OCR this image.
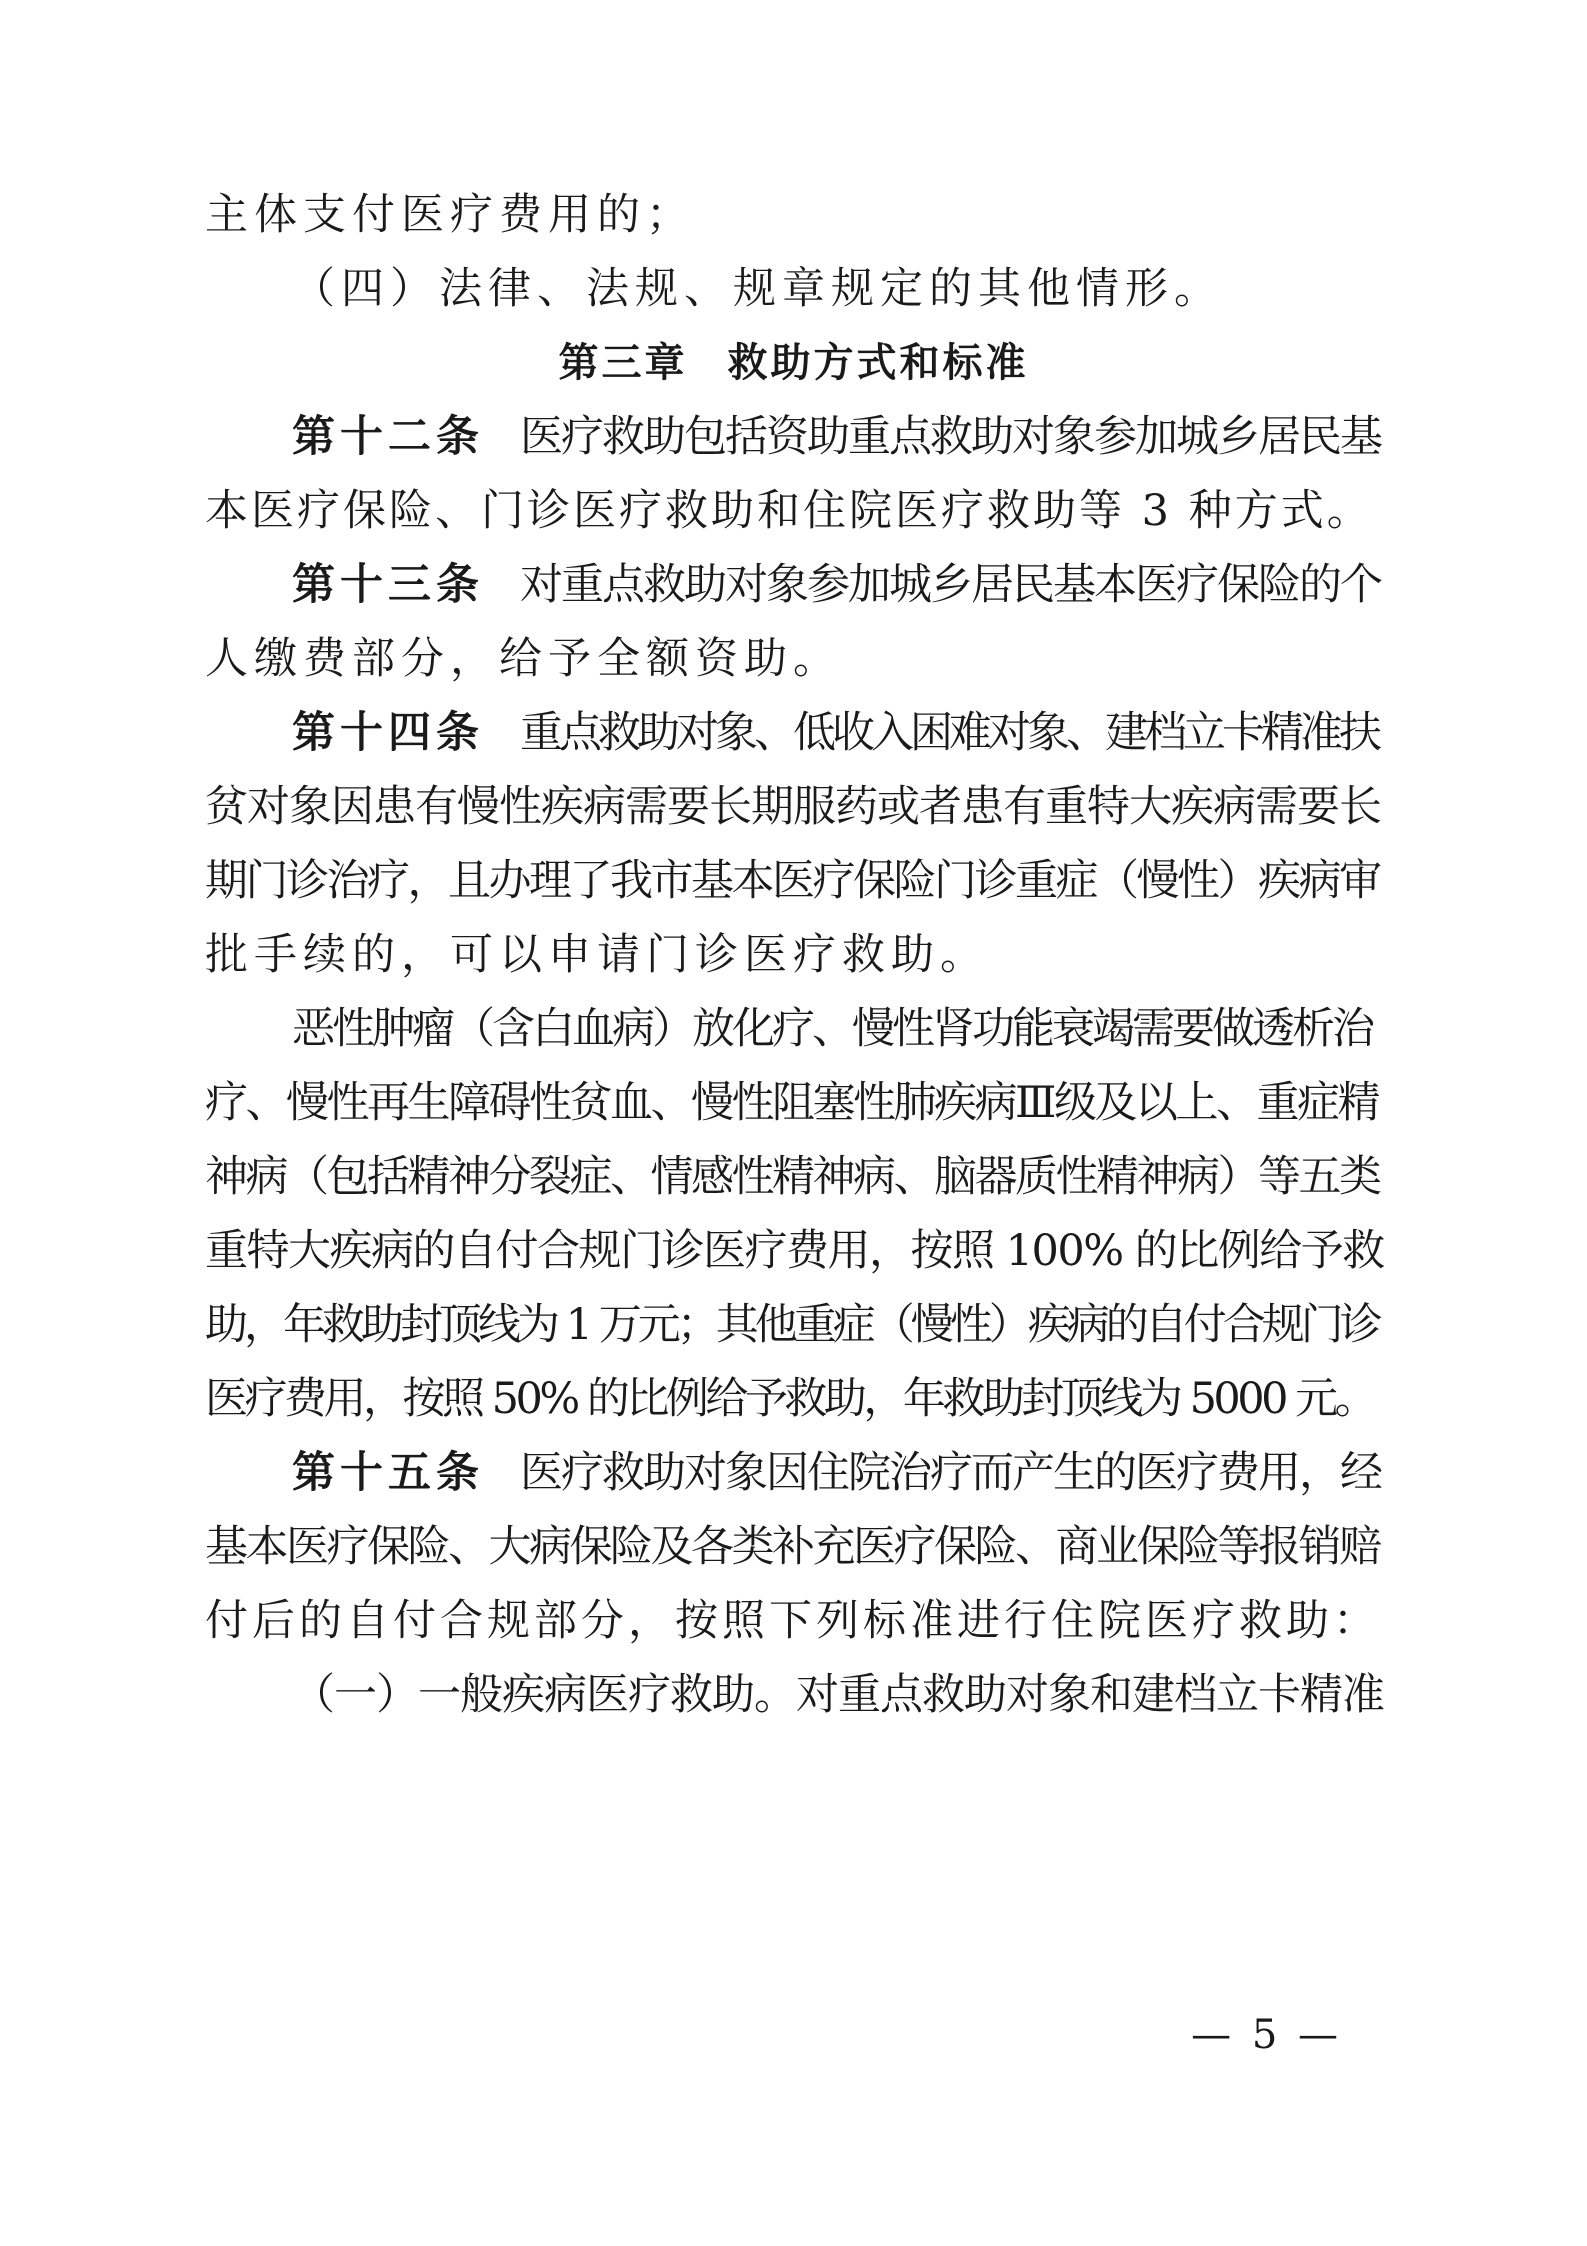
主体支付医疗费用的；
（四）法律、法规、规章规定的其他情形。
第三章 救助方式和标准
第十二条 医疗救助包括资助重点救助对象参加城乡居民基
本医疗保险、门诊医疗救助和住院医疗救助等 3 种方式。
第十三条 对重点救助对象参加城乡居民基本医疗保险的个
人缴费部分，给予全额资助。
第十四条 重点救助对象、低收入困难对象、建档立卡精准扶
贫对象因患有慢性疾病需要长期服药或者患有重特大疾病需要长
期门诊治疗，且办理了我市基本医疗保险门诊重症（慢性）疾病审
批手续的，可以申请门诊医疗救助。
恶性肿瘤（含白血病）放化疗、慢性肾功能衰竭需要做透析治
疗、慢性再生障碍性贫血、慢性阻塞性肺疾病Ⅲ级及以上、重症精
神病（包括精神分裂症、情感性精神病、脑器质性精神病）等五类
重特大疾病的自付合规门诊医疗费用，按照 100% 的比例给予救
助，年救助封顶线为 1 万元；其他重症（慢性）疾病的自付合规门诊
医疗费用，按照 50% 的比例给予救助，年救助封顶线为 5000 元。
第十五条 医疗救助对象因住院治疗而产生的医疗费用，经
基本医疗保险、大病保险及各类补充医疗保险、商业保险等报销赔
付后的自付合规部分，按照下列标准进行住院医疗救助：
（一）一般疾病医疗救助。对重点救助对象和建档立卡精准
— 5 —
